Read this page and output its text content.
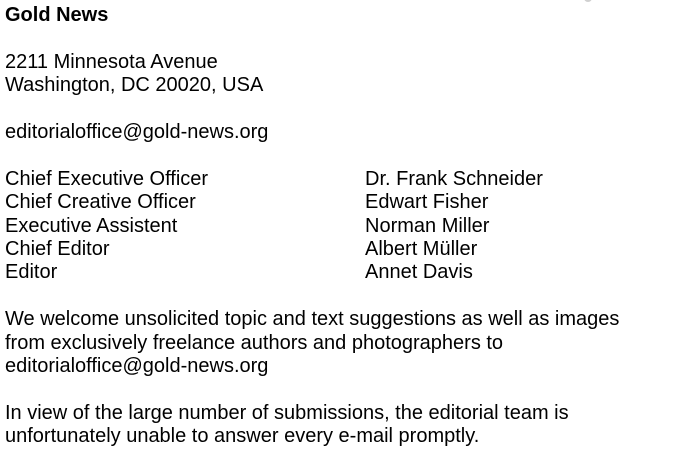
Gold News
2211 Minnesota Avenue
Washington, DC 20020, USA
editorialoffice@gold-news.org
Chief Executive Officer	Dr. Frank Schneider
Chief Creative Officer	Edwart Fisher
Executive Assistent	Norman Miller
Chief Editor	Albert Müller
Editor	Annet Davis
We welcome unsolicited topic and text suggestions as well as images
from exclusively freelance authors and photographers to
editorialoffice@gold-news.org
In view of the large number of submissions, the editorial team is
unfortunately unable to answer every e-mail promptly.
